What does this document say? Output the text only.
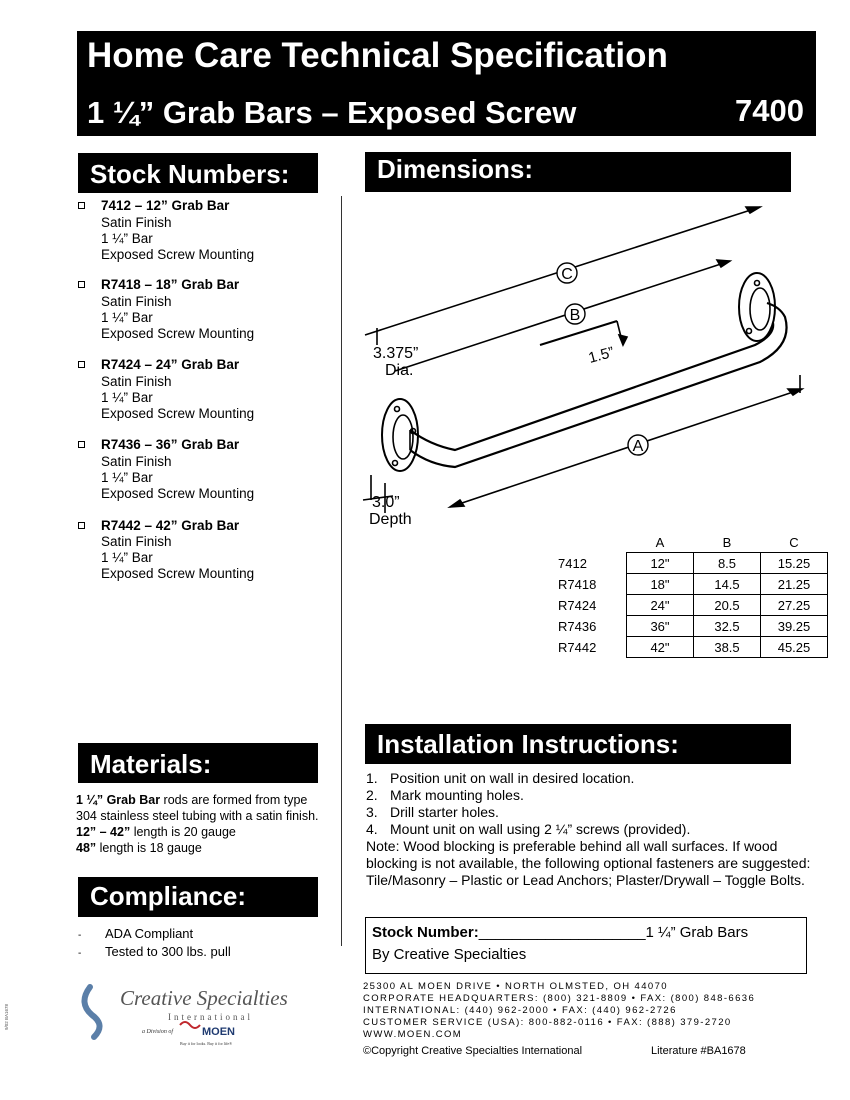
Home Care Technical Specification
1 ¼” Grab Bars – Exposed Screw	7400
Stock Numbers:	Dimensions:
Materials:
Compliance:
Installation Instructions:
7412 – 12” Grab Bar
Satin Finish
1 ¼” Bar
Exposed Screw Mounting
R7418 – 18” Grab Bar
Satin Finish
1 ¼” Bar
Exposed Screw Mounting
R7424 – 24” Grab Bar
Satin Finish
1 ¼” Bar
Exposed Screw Mounting
R7436 – 36” Grab Bar
Satin Finish
1 ¼” Bar
Exposed Screw Mounting
R7442 – 42” Grab Bar
Satin Finish
1 ¼” Bar
Exposed Screw Mounting
C
B
A
3.375”
Dia.
1.5”
3.0”
Depth
	A	B	C
7412	12"	8.5	15.25
R7418	18"	14.5	21.25
R7424	24"	20.5	27.25
R7436	36"	32.5	39.25
R7442	42"	38.5	45.25
1 ¼” Grab Bar rods are formed from type 304 stainless steel tubing with a satin finish.
12” – 42” length is 20 gauge
48” length is 18 gauge
- ADA Compliant
- Tested to 300 lbs. pull
1. Position unit on wall in desired location.
2. Mark mounting holes.
3. Drill starter holes.
4. Mount unit on wall using 2 ¼” screws (provided).
Note: Wood blocking is preferable behind all wall surfaces. If wood blocking is not available, the following optional fasteners are suggested: Tile/Masonry – Plastic or Lead Anchors; Plaster/Drywall – Toggle Bolts.
Stock Number:____________________1 ¼” Grab Bars
By Creative Specialties
25300 AL MOEN DRIVE • NORTH OLMSTED, OH 44070
CORPORATE HEADQUARTERS: (800) 321-8809 • FAX: (800) 848-6636
INTERNATIONAL: (440) 962-2000 • FAX: (440) 962-2726
CUSTOMER SERVICE (USA): 800-882-0116 • FAX: (888) 379-2720
WWW.MOEN.COM
©Copyright Creative Specialties International	Literature #BA1678
Creative Specialties
International
a Division of	MOEN
Buy it for looks. Buy it for life®
9/02 BA1678
